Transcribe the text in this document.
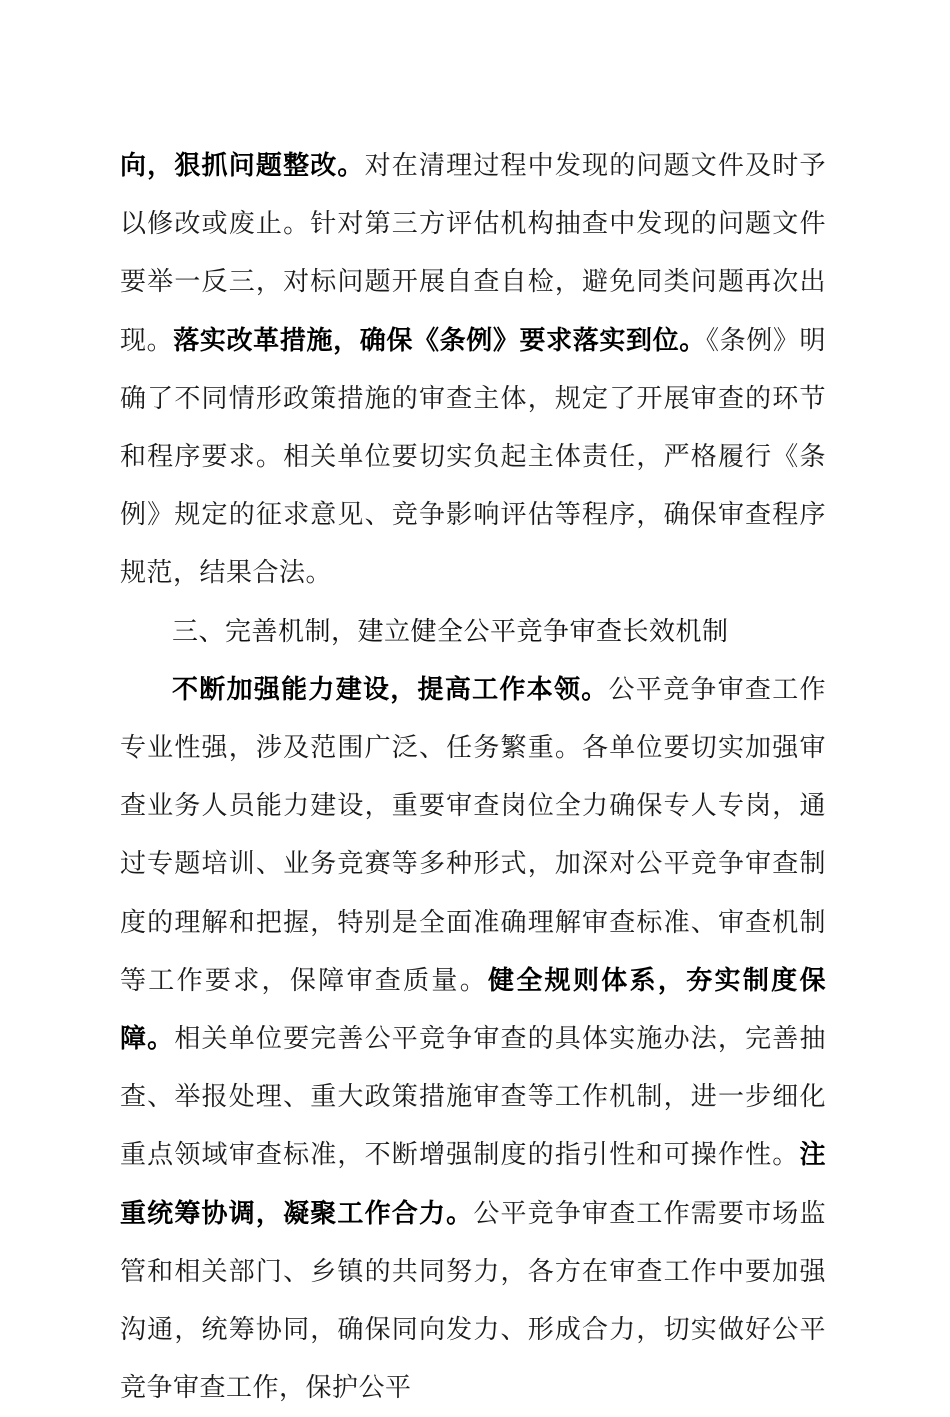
向，狠抓问题整改。对在清理过程中发现的问题文件及时予以修改或废止。针对第三方评估机构抽查中发现的问题文件要举一反三，对标问题开展自查自检，避免同类问题再次出现。落实改革措施，确保《条例》要求落实到位。《条例》明确了不同情形政策措施的审查主体，规定了开展审查的环节和程序要求。相关单位要切实负起主体责任，严格履行《条例》规定的征求意见、竞争影响评估等程序，确保审查程序规范，结果合法。

三、完善机制，建立健全公平竞争审查长效机制

不断加强能力建设，提高工作本领。公平竞争审查工作专业性强，涉及范围广泛、任务繁重。各单位要切实加强审查业务人员能力建设，重要审查岗位全力确保专人专岗，通过专题培训、业务竞赛等多种形式，加深对公平竞争审查制度的理解和把握，特别是全面准确理解审查标准、审查机制等工作要求，保障审查质量。健全规则体系，夯实制度保障。相关单位要完善公平竞争审查的具体实施办法，完善抽查、举报处理、重大政策措施审查等工作机制，进一步细化重点领域审查标准，不断增强制度的指引性和可操作性。注重统筹协调，凝聚工作合力。公平竞争审查工作需要市场监管和相关部门、乡镇的共同努力，各方在审查工作中要加强沟通，统筹协同，确保同向发力、形成合力，切实做好公平竞争审查工作，保护公平
